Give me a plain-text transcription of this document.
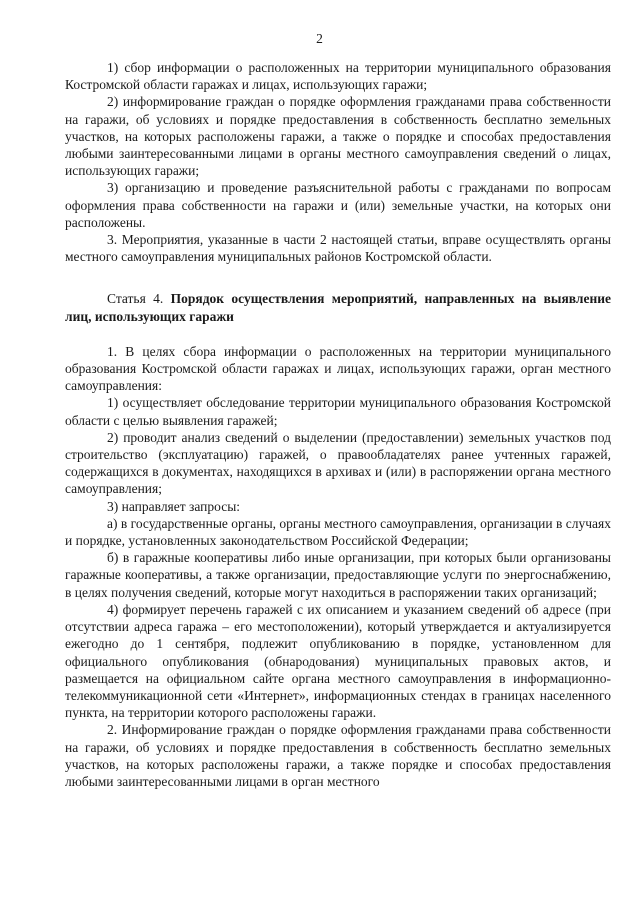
2

1) сбор информации о расположенных на территории муниципального образования Костромской области гаражах и лицах, использующих гаражи;

2) информирование граждан о порядке оформления гражданами права собственности на гаражи, об условиях и порядке предоставления в собственность бесплатно земельных участков, на которых расположены гаражи, а также о порядке и способах предоставления любыми заинтересованными лицами в органы местного самоуправления сведений о лицах, использующих гаражи;

3) организацию и проведение разъяснительной работы с гражданами по вопросам оформления права собственности на гаражи и (или) земельные участки, на которых они расположены.

3. Мероприятия, указанные в части 2 настоящей статьи, вправе осуществлять органы местного самоуправления муниципальных районов Костромской области.

Статья 4. Порядок осуществления мероприятий, направленных на выявление лиц, использующих гаражи

1. В целях сбора информации о расположенных на территории муниципального образования Костромской области гаражах и лицах, использующих гаражи, орган местного самоуправления:

1) осуществляет обследование территории муниципального образования Костромской области с целью выявления гаражей;

2) проводит анализ сведений о выделении (предоставлении) земельных участков под строительство (эксплуатацию) гаражей, о правообладателях ранее учтенных гаражей, содержащихся в документах, находящихся в архивах и (или) в распоряжении органа местного самоуправления;

3) направляет запросы:

а) в государственные органы, органы местного самоуправления, организации в случаях и порядке, установленных законодательством Российской Федерации;

б) в гаражные кооперативы либо иные организации, при которых были организованы гаражные кооперативы, а также организации, предоставляющие услуги по энергоснабжению, в целях получения сведений, которые могут находиться в распоряжении таких организаций;

4) формирует перечень гаражей с их описанием и указанием сведений об адресе (при отсутствии адреса гаража – его местоположении), который утверждается и актуализируется ежегодно до 1 сентября, подлежит опубликованию в порядке, установленном для официального опубликования (обнародования) муниципальных правовых актов, и размещается на официальном сайте органа местного самоуправления в информационно-телекоммуникационной сети «Интернет», информационных стендах в границах населенного пункта, на территории которого расположены гаражи.

2. Информирование граждан о порядке оформления гражданами права собственности на гаражи, об условиях и порядке предоставления в собственность бесплатно земельных участков, на которых расположены гаражи, а также порядке и способах предоставления любыми заинтересованными лицами в орган местного
